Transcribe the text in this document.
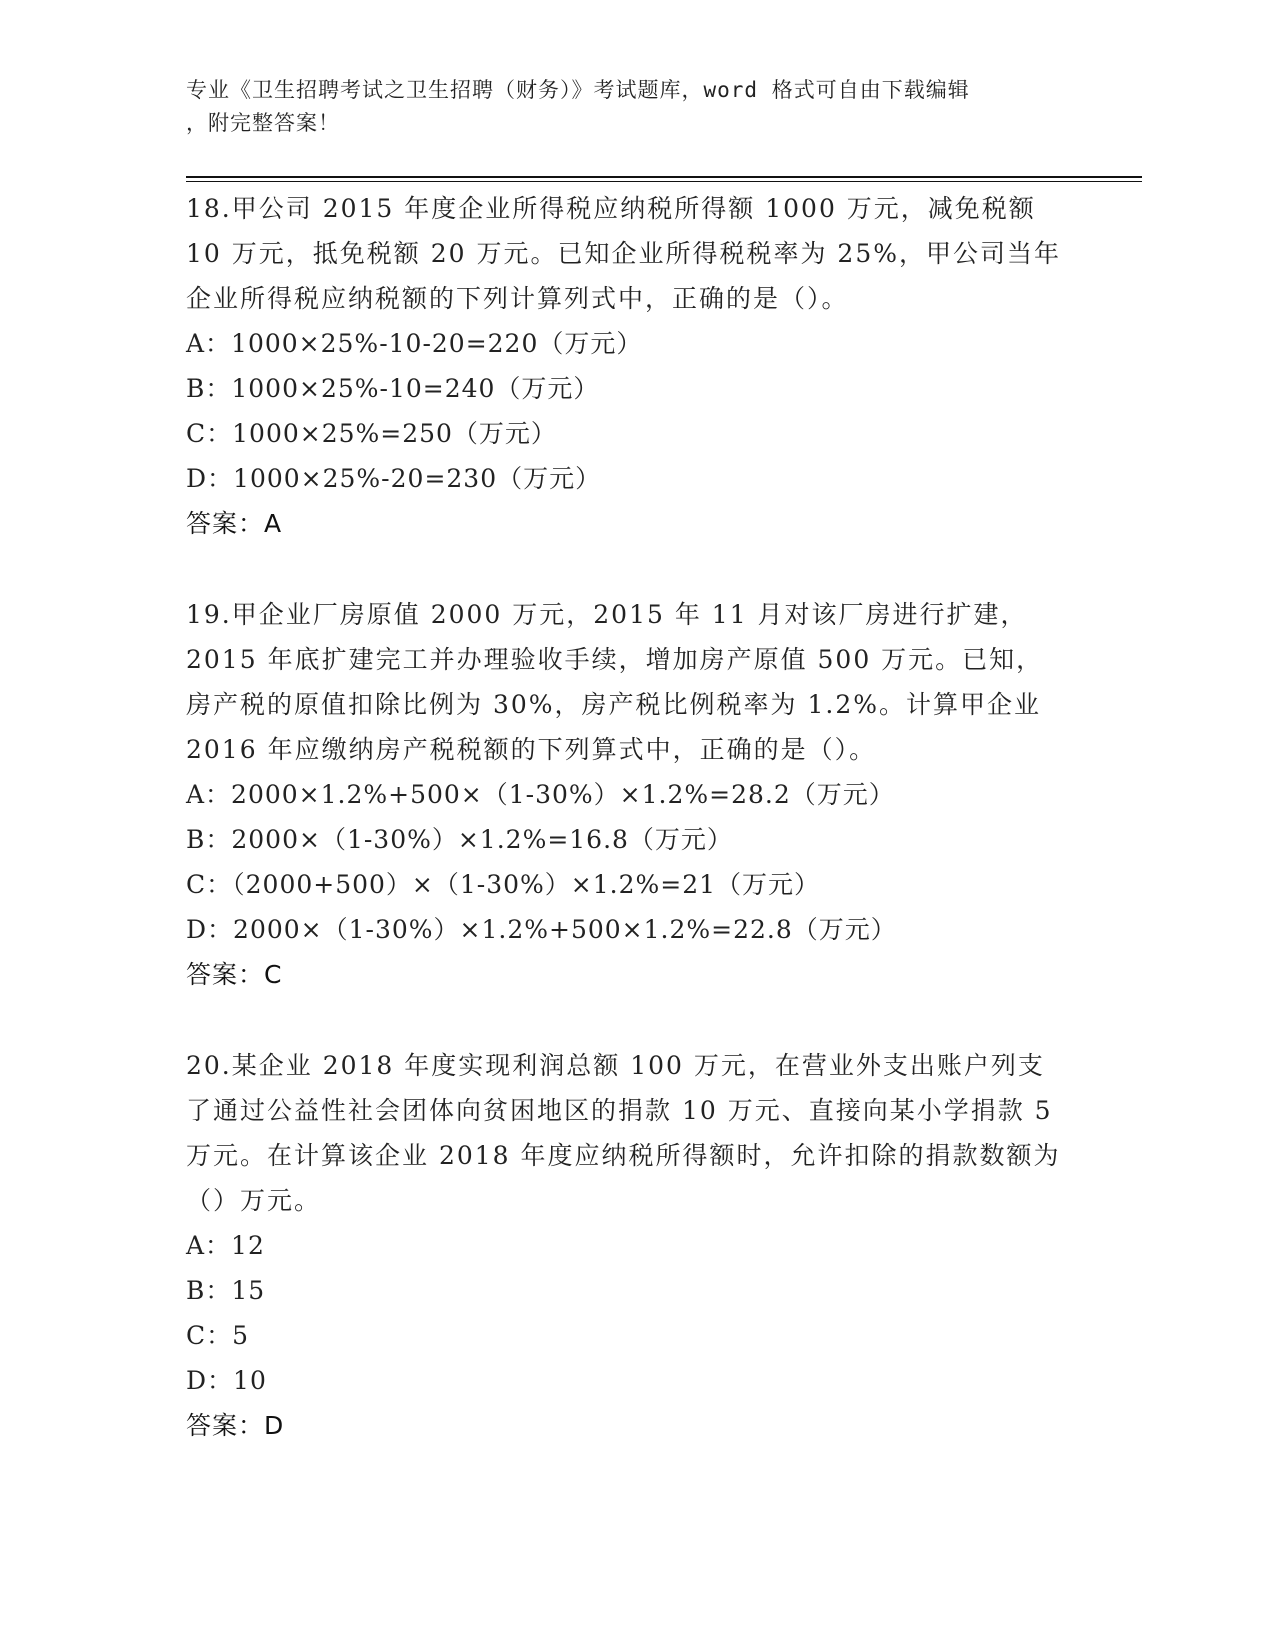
专业《卫生招聘考试之卫生招聘（财务）》考试题库，word 格式可自由下载编辑
，附完整答案！

18.甲公司 2015 年度企业所得税应纳税所得额 1000 万元，减免税额 10 万元，抵免税额 20 万元。已知企业所得税税率为 25%，甲公司当年企业所得税应纳税额的下列计算列式中，正确的是（）。

A：1000×25%-10-20=220（万元）

B：1000×25%-10=240（万元）

C：1000×25%=250（万元）

D：1000×25%-20=230（万元）

答案：A

19.甲企业厂房原值 2000 万元，2015 年 11 月对该厂房进行扩建，2015 年底扩建完工并办理验收手续，增加房产原值 500 万元。已知，房产税的原值扣除比例为 30%，房产税比例税率为 1.2%。计算甲企业 2016 年应缴纳房产税税额的下列算式中，正确的是（）。

A：2000×1.2%+500×（1-30%）×1.2%=28.2（万元）

B：2000×（1-30%）×1.2%=16.8（万元）

C：（2000+500）×（1-30%）×1.2%=21（万元）

D：2000×（1-30%）×1.2%+500×1.2%=22.8（万元）

答案：C

20.某企业 2018 年度实现利润总额 100 万元，在营业外支出账户列支了通过公益性社会团体向贫困地区的捐款 10 万元、直接向某小学捐款 5 万元。在计算该企业 2018 年度应纳税所得额时，允许扣除的捐款数额为（）万元。

A：12

B：15

C：5

D：10

答案：D
